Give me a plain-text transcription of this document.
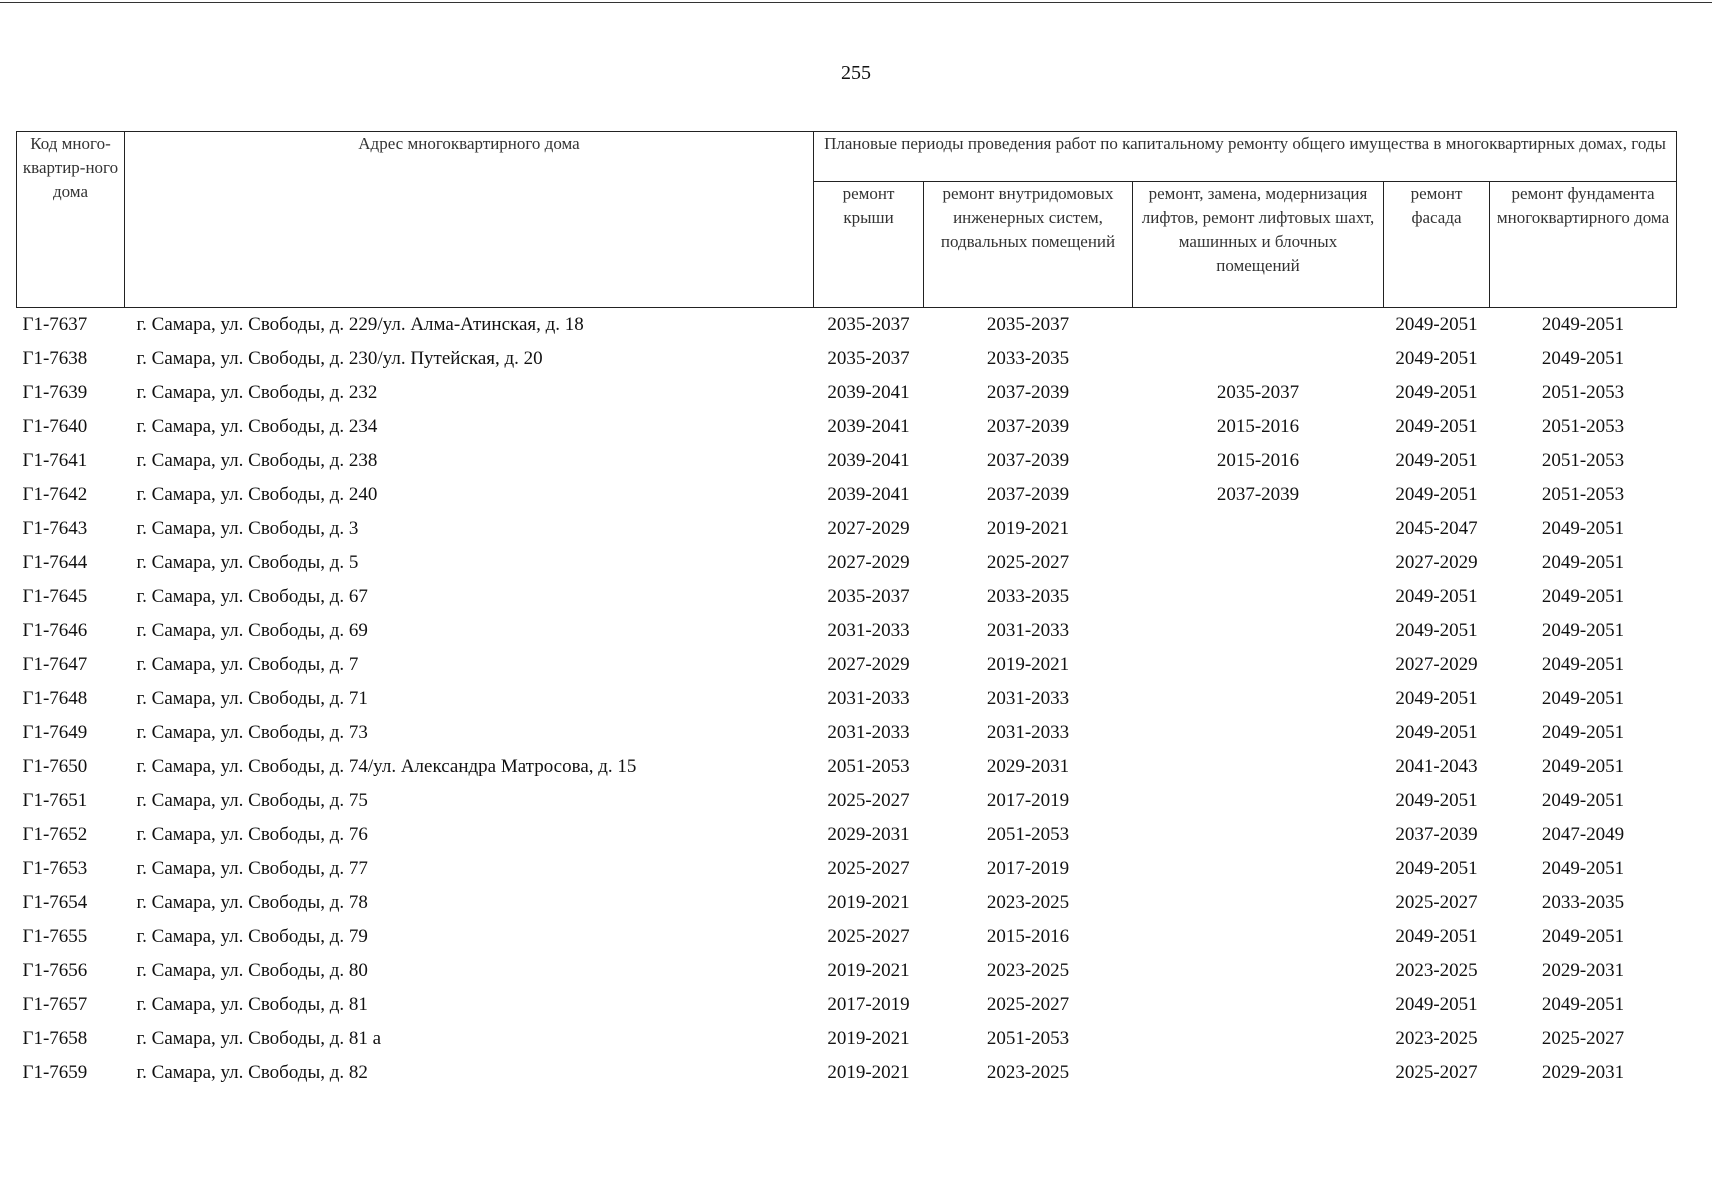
255
Код много-квартир-ного дома	Адрес многоквартирного дома	Плановые периоды проведения работ по капитальному ремонту общего имущества в многоквартирных домах, годы				
		ремонт крыши	ремонт внутридомовых инженерных систем, подвальных помещений	ремонт, замена, модернизация лифтов, ремонт лифтовых шахт, машинных и блочных помещений	ремонт фасада	ремонт фундамента многоквартирного дома
Г1-7637	г. Самара, ул. Свободы, д. 229/ул. Алма-Атинская, д. 18	2035-2037	2035-2037		2049-2051	2049-2051
Г1-7638	г. Самара, ул. Свободы, д. 230/ул. Путейская, д. 20	2035-2037	2033-2035		2049-2051	2049-2051
Г1-7639	г. Самара, ул. Свободы, д. 232	2039-2041	2037-2039	2035-2037	2049-2051	2051-2053
Г1-7640	г. Самара, ул. Свободы, д. 234	2039-2041	2037-2039	2015-2016	2049-2051	2051-2053
Г1-7641	г. Самара, ул. Свободы, д. 238	2039-2041	2037-2039	2015-2016	2049-2051	2051-2053
Г1-7642	г. Самара, ул. Свободы, д. 240	2039-2041	2037-2039	2037-2039	2049-2051	2051-2053
Г1-7643	г. Самара, ул. Свободы, д. 3	2027-2029	2019-2021		2045-2047	2049-2051
Г1-7644	г. Самара, ул. Свободы, д. 5	2027-2029	2025-2027		2027-2029	2049-2051
Г1-7645	г. Самара, ул. Свободы, д. 67	2035-2037	2033-2035		2049-2051	2049-2051
Г1-7646	г. Самара, ул. Свободы, д. 69	2031-2033	2031-2033		2049-2051	2049-2051
Г1-7647	г. Самара, ул. Свободы, д. 7	2027-2029	2019-2021		2027-2029	2049-2051
Г1-7648	г. Самара, ул. Свободы, д. 71	2031-2033	2031-2033		2049-2051	2049-2051
Г1-7649	г. Самара, ул. Свободы, д. 73	2031-2033	2031-2033		2049-2051	2049-2051
Г1-7650	г. Самара, ул. Свободы, д. 74/ул. Александра Матросова, д. 15	2051-2053	2029-2031		2041-2043	2049-2051
Г1-7651	г. Самара, ул. Свободы, д. 75	2025-2027	2017-2019		2049-2051	2049-2051
Г1-7652	г. Самара, ул. Свободы, д. 76	2029-2031	2051-2053		2037-2039	2047-2049
Г1-7653	г. Самара, ул. Свободы, д. 77	2025-2027	2017-2019		2049-2051	2049-2051
Г1-7654	г. Самара, ул. Свободы, д. 78	2019-2021	2023-2025		2025-2027	2033-2035
Г1-7655	г. Самара, ул. Свободы, д. 79	2025-2027	2015-2016		2049-2051	2049-2051
Г1-7656	г. Самара, ул. Свободы, д. 80	2019-2021	2023-2025		2023-2025	2029-2031
Г1-7657	г. Самара, ул. Свободы, д. 81	2017-2019	2025-2027		2049-2051	2049-2051
Г1-7658	г. Самара, ул. Свободы, д. 81 а	2019-2021	2051-2053		2023-2025	2025-2027
Г1-7659	г. Самара, ул. Свободы, д. 82	2019-2021	2023-2025		2025-2027	2029-2031
